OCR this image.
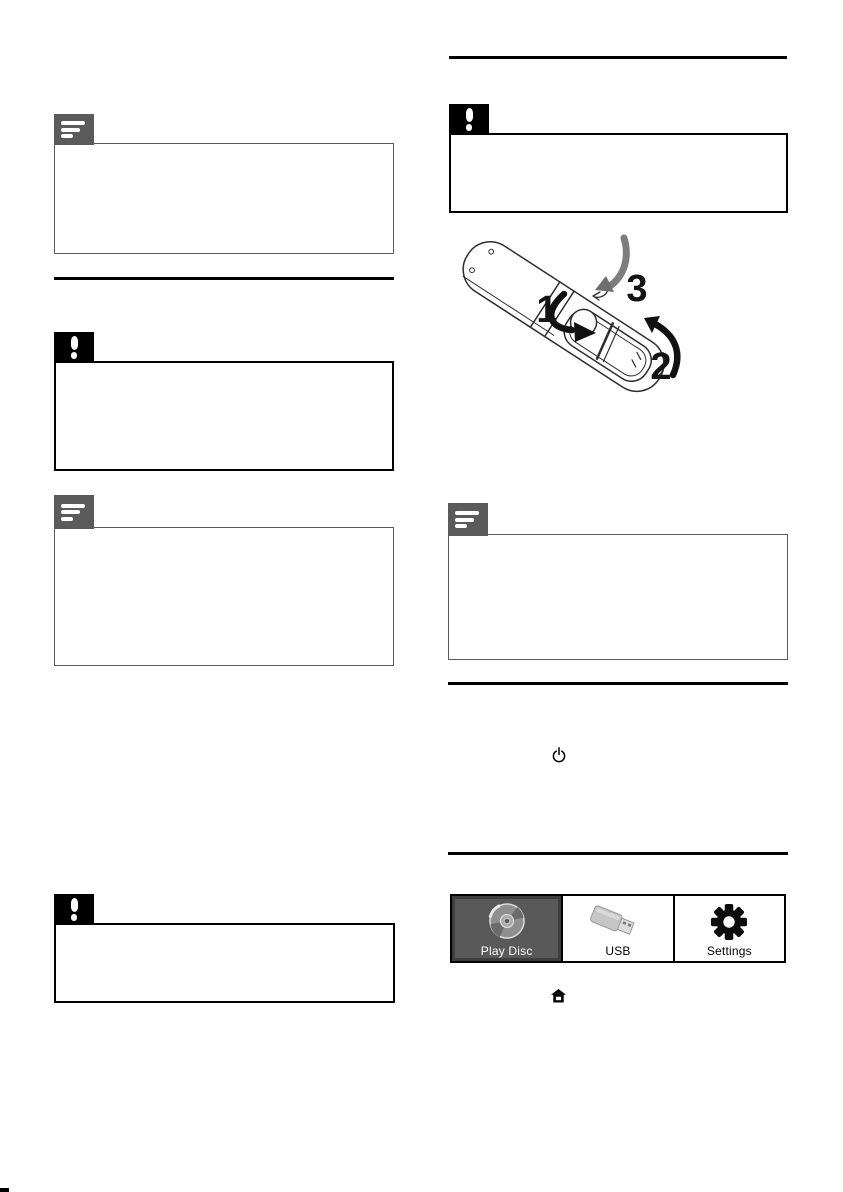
1
2
3
Play Disc	USB	Settings
